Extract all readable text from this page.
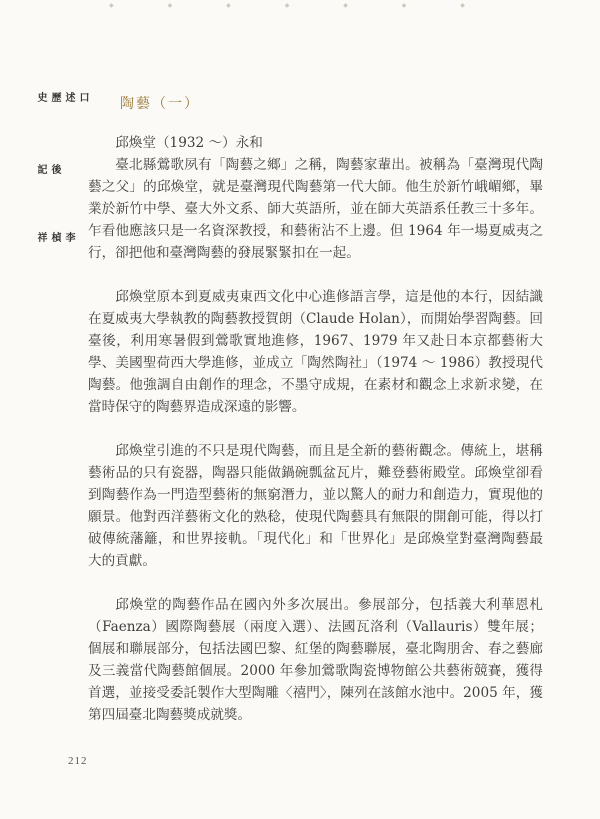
◆ ◆ ◆ ◆ ◆ ◆ ◆
口述歷史
後記
李楨祥
陶藝（一）

邱煥堂（1932 ～）永和

臺北縣鶯歌夙有「陶藝之鄉」之稱，陶藝家輩出。被稱為「臺灣現代陶藝之父」的邱煥堂，就是臺灣現代陶藝第一代大師。他生於新竹峨嵋鄉，畢業於新竹中學、臺大外文系、師大英語所，並在師大英語系任教三十多年。乍看他應該只是一名資深教授，和藝術沾不上邊。但 1964 年一場夏威夷之行，卻把他和臺灣陶藝的發展緊緊扣在一起。

邱煥堂原本到夏威夷東西文化中心進修語言學，這是他的本行，因結識在夏威夷大學執教的陶藝教授賀朗（Claude Holan），而開始學習陶藝。回臺後，利用寒暑假到鶯歌實地進修，1967、1979 年又赴日本京都藝術大學、美國聖荷西大學進修，並成立「陶然陶社」（1974 ～ 1986）教授現代陶藝。他強調自由創作的理念，不墨守成規，在素材和觀念上求新求變，在當時保守的陶藝界造成深遠的影響。

邱煥堂引進的不只是現代陶藝，而且是全新的藝術觀念。傳統上，堪稱藝術品的只有瓷器，陶器只能做鍋碗瓢盆瓦片，難登藝術殿堂。邱煥堂卻看到陶藝作為一門造型藝術的無窮潛力，並以驚人的耐力和創造力，實現他的願景。他對西洋藝術文化的熟稔，使現代陶藝具有無限的開創可能，得以打破傳統藩籬，和世界接軌。「現代化」和「世界化」是邱煥堂對臺灣陶藝最大的貢獻。

邱煥堂的陶藝作品在國內外多次展出。參展部分，包括義大利華恩札（Faenza）國際陶藝展（兩度入選）、法國瓦洛利（Vallauris）雙年展；個展和聯展部分，包括法國巴黎、紅堡的陶藝聯展，臺北陶朋舍、春之藝廊及三義當代陶藝館個展。2000 年參加鶯歌陶瓷博物館公共藝術競賽，獲得首選，並接受委託製作大型陶雕〈禧門〉，陳列在該館水池中。2005 年，獲第四屆臺北陶藝獎成就獎。

212
